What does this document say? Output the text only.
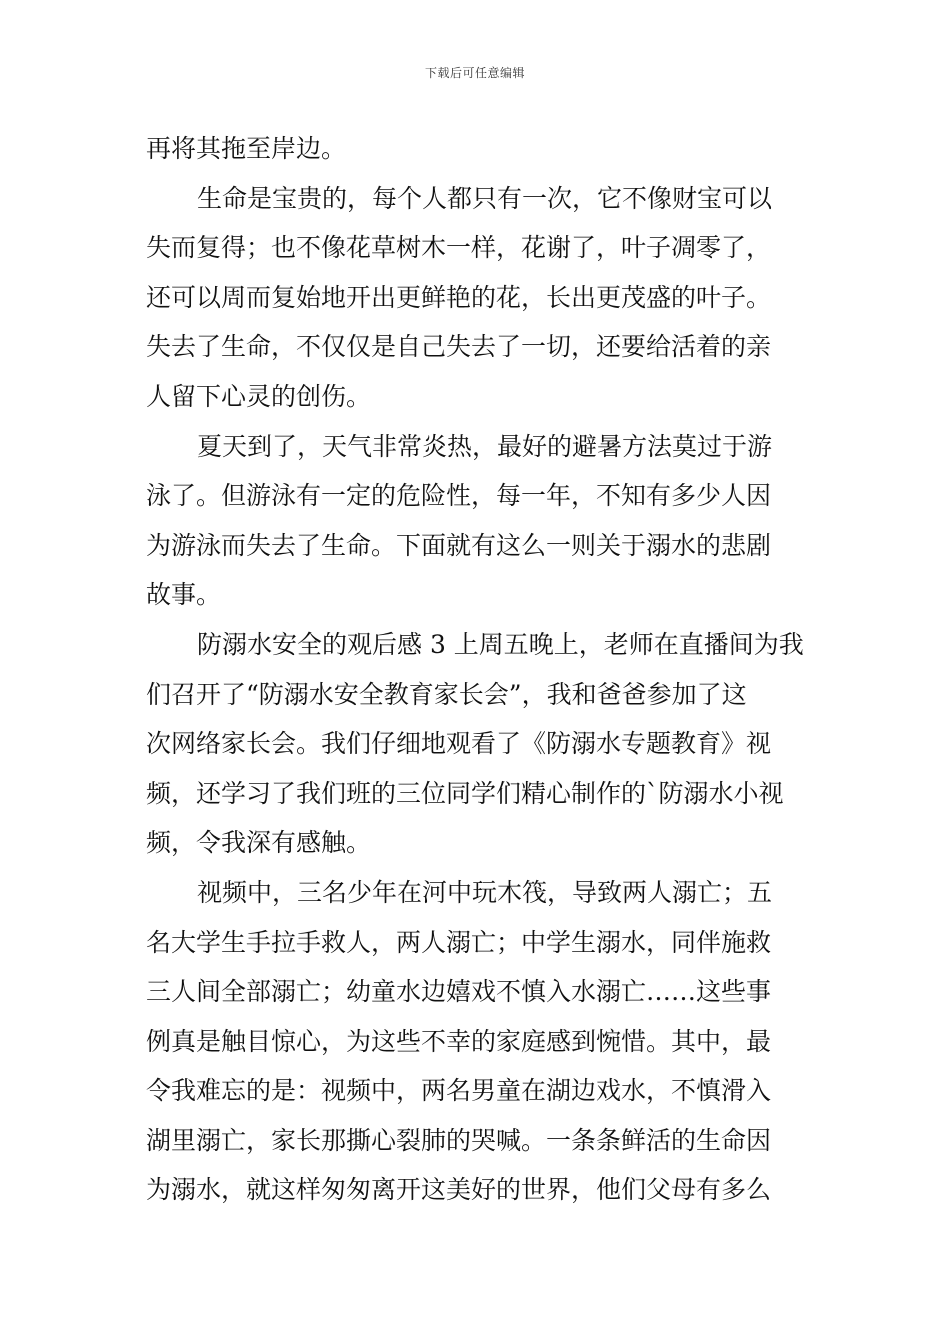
下载后可任意编辑
再将其拖至岸边。
生命是宝贵的，每个人都只有一次，它不像财宝可以
失而复得；也不像花草树木一样，花谢了，叶子凋零了，
还可以周而复始地开出更鲜艳的花，长出更茂盛的叶子。
失去了生命，不仅仅是自己失去了一切，还要给活着的亲
人留下心灵的创伤。
夏天到了，天气非常炎热，最好的避暑方法莫过于游
泳了。但游泳有一定的危险性，每一年，不知有多少人因
为游泳而失去了生命。下面就有这么一则关于溺水的悲剧
故事。
防溺水安全的观后感 3 上周五晚上，老师在直播间为我
们召开了“防溺水安全教育家长会”，我和爸爸参加了这
次网络家长会。我们仔细地观看了《防溺水专题教育》视
频，还学习了我们班的三位同学们精心制作的`防溺水小视
频，令我深有感触。
视频中，三名少年在河中玩木筏，导致两人溺亡；五
名大学生手拉手救人，两人溺亡；中学生溺水，同伴施救
三人间全部溺亡；幼童水边嬉戏不慎入水溺亡……这些事
例真是触目惊心，为这些不幸的家庭感到惋惜。其中，最
令我难忘的是：视频中，两名男童在湖边戏水，不慎滑入
湖里溺亡，家长那撕心裂肺的哭喊。一条条鲜活的生命因
为溺水，就这样匆匆离开这美好的世界，他们父母有多么
